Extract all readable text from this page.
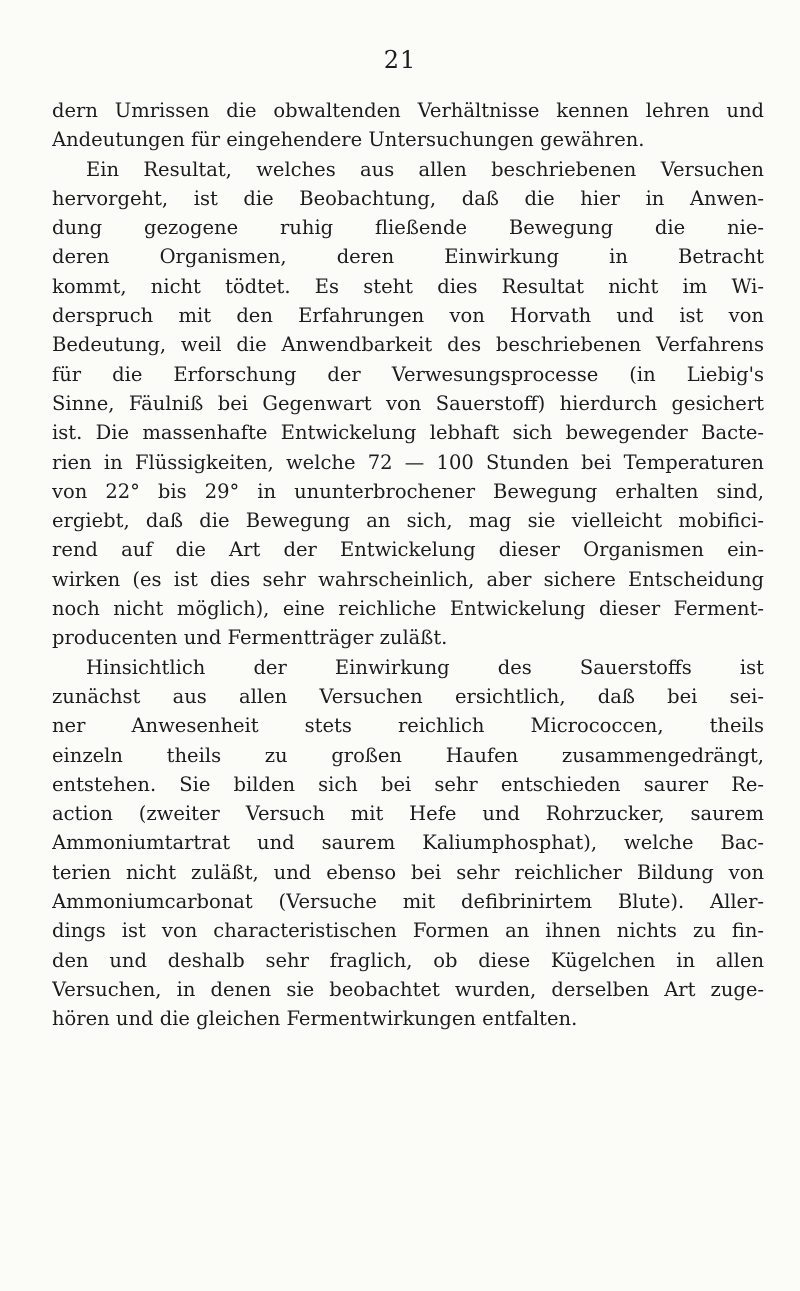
21
dern Umrissen die obwaltenden Verhältnisse kennen lehren und
Andeutungen für eingehendere Untersuchungen gewähren.
Ein Resultat, welches aus allen beschriebenen Versuchen
hervorgeht, ist die Beobachtung, daß die hier in Anwen-
dung gezogene ruhig fließende Bewegung die nie-
deren Organismen, deren Einwirkung in Betracht
kommt, nicht tödtet. Es steht dies Resultat nicht im Wi-
derspruch mit den Erfahrungen von Horvath und ist von
Bedeutung, weil die Anwendbarkeit des beschriebenen Verfahrens
für die Erforschung der Verwesungsprocesse (in Liebig's
Sinne, Fäulniß bei Gegenwart von Sauerstoff) hierdurch gesichert
ist. Die massenhafte Entwickelung lebhaft sich bewegender Bacte-
rien in Flüssigkeiten, welche 72 — 100 Stunden bei Temperaturen
von 22° bis 29° in ununterbrochener Bewegung erhalten sind,
ergiebt, daß die Bewegung an sich, mag sie vielleicht mobifici-
rend auf die Art der Entwickelung dieser Organismen ein-
wirken (es ist dies sehr wahrscheinlich, aber sichere Entscheidung
noch nicht möglich), eine reichliche Entwickelung dieser Ferment-
producenten und Fermentträger zuläßt.
Hinsichtlich der Einwirkung des Sauerstoffs ist
zunächst aus allen Versuchen ersichtlich, daß bei sei-
ner Anwesenheit stets reichlich Micrococcen, theils
einzeln theils zu großen Haufen zusammengedrängt,
entstehen. Sie bilden sich bei sehr entschieden saurer Re-
action (zweiter Versuch mit Hefe und Rohrzucker, saurem
Ammoniumtartrat und saurem Kaliumphosphat), welche Bac-
terien nicht zuläßt, und ebenso bei sehr reichlicher Bildung von
Ammoniumcarbonat (Versuche mit defibrinirtem Blute). Aller-
dings ist von characteristischen Formen an ihnen nichts zu fin-
den und deshalb sehr fraglich, ob diese Kügelchen in allen
Versuchen, in denen sie beobachtet wurden, derselben Art zuge-
hören und die gleichen Fermentwirkungen entfalten.
